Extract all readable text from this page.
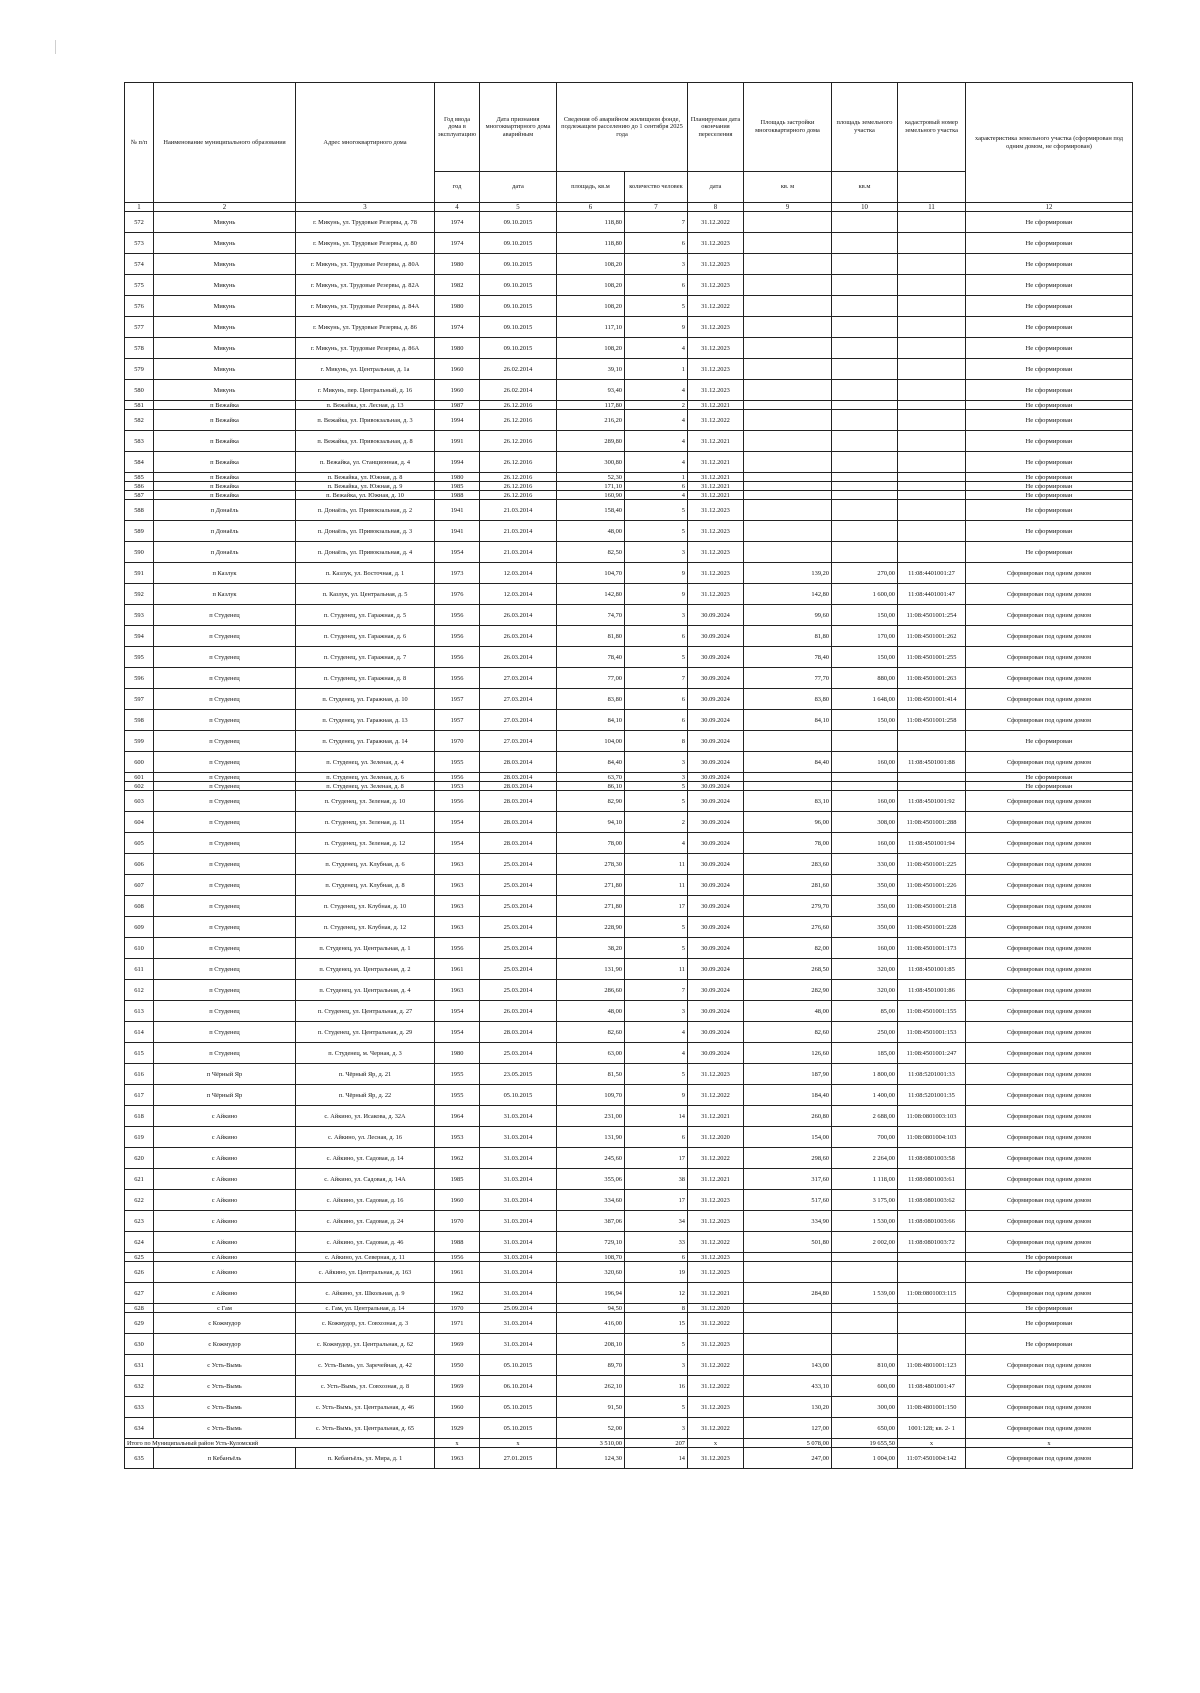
№ п/п	Наименование муниципального образования	Адрес многоквартирного дома	Год ввода дома в эксплуатацию	Дата признания многоквартирного дома аварийным	Сведения об аварийном жилищном фонде, подлежащем расселению до 1 сентября 2025 года		Планируемая дата окончания переселения	Площадь застройки многоквартирного дома	площадь земельного участка	кадастровый номер земельного участка	характеристика земельного участка (сформирован под одним домом, не сформирован)
			год	дата	площадь, кв.м	количество человек	дата	кв. м	кв.м		
1	2	3	4	5	6	7	8	9	10	11	12
572	Микунь	г. Микунь, ул. Трудовые Резервы, д. 78	1974	09.10.2015	118,80	7	31.12.2022				Не сформирован
573	Микунь	г. Микунь, ул. Трудовые Резервы, д. 80	1974	09.10.2015	118,80	6	31.12.2023				Не сформирован
574	Микунь	г. Микунь, ул. Трудовые Резервы, д. 80А	1980	09.10.2015	108,20	3	31.12.2023				Не сформирован
575	Микунь	г. Микунь, ул. Трудовые Резервы, д. 82А	1982	09.10.2015	108,20	6	31.12.2023				Не сформирован
576	Микунь	г. Микунь, ул. Трудовые Резервы, д. 84А	1980	09.10.2015	108,20	5	31.12.2022				Не сформирован
577	Микунь	г. Микунь, ул. Трудовые Резервы, д. 86	1974	09.10.2015	117,10	9	31.12.2023				Не сформирован
578	Микунь	г. Микунь, ул. Трудовые Резервы, д. 86А	1980	09.10.2015	108,20	4	31.12.2023				Не сформирован
579	Микунь	г. Микунь, ул. Центральная, д. 1а	1960	26.02.2014	39,10	1	31.12.2023				Не сформирован
580	Микунь	г. Микунь, пер. Центральный, д. 16	1960	26.02.2014	93,40	4	31.12.2023				Не сформирован
581	п Вежайка	п. Вежайка, ул. Лесная, д. 13	1987	26.12.2016	117,80	2	31.12.2021				Не сформирован
582	п Вежайка	п. Вежайка, ул. Привокзальная, д. 3	1994	26.12.2016	216,20	4	31.12.2022				Не сформирован
583	п Вежайка	п. Вежайка, ул. Привокзальная, д. 8	1991	26.12.2016	289,80	4	31.12.2021				Не сформирован
584	п Вежайка	п. Вежайка, ул. Станционная, д. 4	1994	26.12.2016	300,80	4	31.12.2021				Не сформирован
585	п Вежайка	п. Вежайка, ул. Южная, д. 8	1980	26.12.2016	52,30	1	31.12.2021				Не сформирован
586	п Вежайка	п. Вежайка, ул. Южная, д. 9	1985	26.12.2016	171,10	6	31.12.2021				Не сформирован
587	п Вежайка	п. Вежайка, ул. Южная, д. 10	1988	26.12.2016	160,90	4	31.12.2021				Не сформирован
588	п Донаёль	п. Донаёль, ул. Привокзальная, д. 2	1941	21.03.2014	158,40	5	31.12.2023				Не сформирован
589	п Донаёль	п. Донаёль, ул. Привокзальная, д. 3	1941	21.03.2014	48,00	5	31.12.2023				Не сформирован
590	п Донаёль	п. Донаёль, ул. Привокзальная, д. 4	1954	21.03.2014	82,50	3	31.12.2023				Не сформирован
591	п Казлук	п. Казлук, ул. Восточная, д. 1	1973	12.03.2014	104,70	9	31.12.2023	139,20	270,00	11:08:4401001:27	Сформирован под одним домом
592	п Казлук	п. Казлук, ул. Центральная, д. 5	1976	12.03.2014	142,80	9	31.12.2023	142,80	1 600,00	11:08:4401001:47	Сформирован под одним домом
593	п Студенец	п. Студенец, ул. Гаражная, д. 5	1956	26.03.2014	74,70	3	30.09.2024	99,60	150,00	11:08:4501001:254	Сформирован под одним домом
594	п Студенец	п. Студенец, ул. Гаражная, д. 6	1956	26.03.2014	81,80	6	30.09.2024	81,80	170,00	11:08:4501001:262	Сформирован под одним домом
595	п Студенец	п. Студенец, ул. Гаражная, д. 7	1956	26.03.2014	78,40	5	30.09.2024	78,40	150,00	11:08:4501001:255	Сформирован под одним домом
596	п Студенец	п. Студенец, ул. Гаражная, д. 8	1956	27.03.2014	77,00	7	30.09.2024	77,70	880,00	11:08:4501001:263	Сформирован под одним домом
597	п Студенец	п. Студенец, ул. Гаражная, д. 10	1957	27.03.2014	83,80	6	30.09.2024	83,80	1 648,00	11:08:4501001:414	Сформирован под одним домом
598	п Студенец	п. Студенец, ул. Гаражная, д. 13	1957	27.03.2014	84,10	6	30.09.2024	84,10	150,00	11:08:4501001:258	Сформирован под одним домом
599	п Студенец	п. Студенец, ул. Гаражная, д. 14	1970	27.03.2014	104,00	8	30.09.2024				Не сформирован
600	п Студенец	п. Студенец, ул. Зеленая, д. 4	1955	28.03.2014	84,40	3	30.09.2024	84,40	160,00	11:08:4501001:88	Сформирован под одним домом
601	п Студенец	п. Студенец, ул. Зеленая, д. 6	1956	28.03.2014	63,70	3	30.09.2024				Не сформирован
602	п Студенец	п. Студенец, ул. Зеленая, д. 8	1953	28.03.2014	86,10	5	30.09.2024				Не сформирован
603	п Студенец	п. Студенец, ул. Зеленая, д. 10	1956	28.03.2014	82,90	5	30.09.2024	83,10	160,00	11:08:4501001:92	Сформирован под одним домом
604	п Студенец	п. Студенец, ул. Зеленая, д. 11	1954	28.03.2014	94,10	2	30.09.2024	96,00	308,00	11:08:4501001:288	Сформирован под одним домом
605	п Студенец	п. Студенец, ул. Зеленая, д. 12	1954	28.03.2014	78,00	4	30.09.2024	78,00	160,00	11:08:4501001:94	Сформирован под одним домом
606	п Студенец	п. Студенец, ул. Клубная, д. 6	1963	25.03.2014	278,30	11	30.09.2024	283,60	330,00	11:08:4501001:225	Сформирован под одним домом
607	п Студенец	п. Студенец, ул. Клубная, д. 8	1963	25.03.2014	271,80	11	30.09.2024	281,60	350,00	11:08:4501001:226	Сформирован под одним домом
608	п Студенец	п. Студенец, ул. Клубная, д. 10	1963	25.03.2014	271,80	17	30.09.2024	279,70	350,00	11:08:4501001:218	Сформирован под одним домом
609	п Студенец	п. Студенец, ул. Клубная, д. 12	1963	25.03.2014	228,90	5	30.09.2024	276,60	350,00	11:08:4501001:228	Сформирован под одним домом
610	п Студенец	п. Студенец, ул. Центральная, д. 1	1956	25.03.2014	38,20	5	30.09.2024	82,00	160,00	11:08:4501001:173	Сформирован под одним домом
611	п Студенец	п. Студенец, ул. Центральная, д. 2	1961	25.03.2014	131,90	11	30.09.2024	268,50	320,00	11:08:4501001:85	Сформирован под одним домом
612	п Студенец	п. Студенец, ул. Центральная, д. 4	1963	25.03.2014	286,60	7	30.09.2024	282,90	320,00	11:08:4501001:86	Сформирован под одним домом
613	п Студенец	п. Студенец, ул. Центральная, д. 27	1954	26.03.2014	48,00	3	30.09.2024	48,00	85,00	11:08:4501001:155	Сформирован под одним домом
614	п Студенец	п. Студенец, ул. Центральная, д. 29	1954	28.03.2014	82,60	4	30.09.2024	82,60	250,00	11:08:4501001:153	Сформирован под одним домом
615	п Студенец	п. Студенец, м. Черная, д. 3	1980	25.03.2014	63,00	4	30.09.2024	126,60	185,00	11:08:4501001:247	Сформирован под одним домом
616	п Чёрный Яр	п. Чёрный Яр, д. 21	1955	23.05.2015	81,50	5	31.12.2023	187,90	1 800,00	11:08:5201001:33	Сформирован под одним домом
617	п Чёрный Яр	п. Чёрный Яр, д. 22	1955	05.10.2015	109,70	9	31.12.2022	184,40	1 400,00	11:08:5201001:35	Сформирован под одним домом
618	с Айкино	с. Айкино, ул. Исакова, д. 32А	1964	31.03.2014	231,00	14	31.12.2021	260,80	2 688,00	11:08:0801003:103	Сформирован под одним домом
619	с Айкино	с. Айкино, ул. Лесная, д. 16	1953	31.03.2014	131,90	6	31.12.2020	154,00	700,00	11:08:0801004:103	Сформирован под одним домом
620	с Айкино	с. Айкино, ул. Садовая, д. 14	1962	31.03.2014	245,60	17	31.12.2022	298,60	2 264,00	11:08:0801003:58	Сформирован под одним домом
621	с Айкино	с. Айкино, ул. Садовая, д. 14А	1985	31.03.2014	355,06	38	31.12.2021	317,60	1 118,00	11:08:0801003:61	Сформирован под одним домом
622	с Айкино	с. Айкино, ул. Садовая, д. 16	1960	31.03.2014	334,60	17	31.12.2023	517,60	3 175,00	11:08:0801003:62	Сформирован под одним домом
623	с Айкино	с. Айкино, ул. Садовая, д. 24	1970	31.03.2014	387,06	34	31.12.2023	334,90	1 530,00	11:08:0801003:66	Сформирован под одним домом
624	с Айкино	с. Айкино, ул. Садовая, д. 46	1988	31.03.2014	729,10	33	31.12.2022	501,80	2 002,00	11:08:0801003:72	Сформирован под одним домом
625	с Айкино	с. Айкино, ул. Северная, д. 11	1956	31.03.2014	108,70	6	31.12.2023				Не сформирован
626	с Айкино	с. Айкино, ул. Центральная, д. 163	1961	31.03.2014	320,60	19	31.12.2023				Не сформирован
627	с Айкино	с. Айкино, ул. Школьная, д. 9	1962	31.03.2014	196,94	12	31.12.2021	284,80	1 539,00	11:08:0801003:115	Сформирован под одним домом
628	с Гам	с. Гам, ул. Центральная, д. 14	1970	25.09.2014	94,50	8	31.12.2020				Не сформирован
629	с Кожмудор	с. Кожмудор, ул. Совхозная, д. 3	1971	31.03.2014	416,00	15	31.12.2022				Не сформирован
630	с Кожмудор	с. Кожмудор, ул. Центральная, д. 62	1969	31.03.2014	208,10	5	31.12.2023				Не сформирован
631	с Усть-Вымь	с. Усть-Вымь, ул. Заречейная, д. 42	1950	05.10.2015	89,70	3	31.12.2022	143,00	810,00	11:08:4801001:123	Сформирован под одним домом
632	с Усть-Вымь	с. Усть-Вымь, ул. Совхозная, д. 8	1969	06.10.2014	262,10	16	31.12.2022	433,10	600,00	11:08:4801001:47	Сформирован под одним домом
633	с Усть-Вымь	с. Усть-Вымь, ул. Центральная, д. 46	1960	05.10.2015	91,50	5	31.12.2023	130,20	300,00	11:08:4801001:150	Сформирован под одним домом
634	с Усть-Вымь	с. Усть-Вымь, ул. Центральная, д. 65	1929	05.10.2015	52,00	3	31.12.2022	127,00	650,00	1001:128; кв. 2- 1	Сформирован под одним домом
Итого по Муниципальный район Усть-Куломский			x	x	3 510,00	207	x	5 078,00	19 655,50	x	x
635	п Кебанъёль	п. Кебанъёль, ул. Мира, д. 1	1963	27.01.2015	124,30	14	31.12.2023	247,00	1 004,00	11:07:4501004:142	Сформирован под одним домом
